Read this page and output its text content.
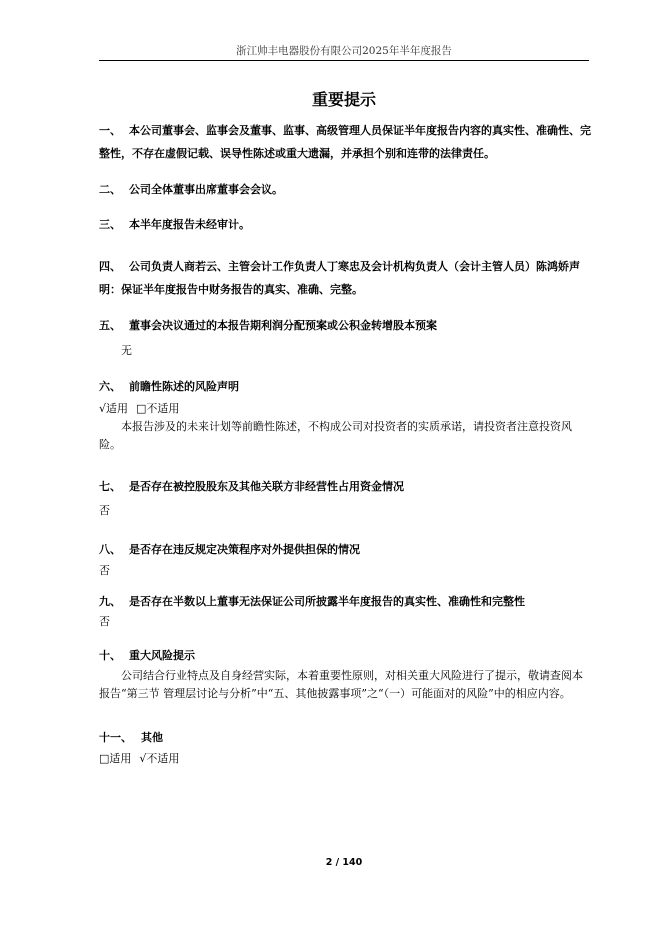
浙江帅丰电器股份有限公司2025年半年度报告
重要提示
一、 本公司董事会、监事会及董事、监事、高级管理人员保证半年度报告内容的真实性、准确性、完整性，不存在虚假记载、误导性陈述或重大遗漏，并承担个别和连带的法律责任。
二、 公司全体董事出席董事会会议。
三、 本半年度报告未经审计。
四、 公司负责人商若云、主管会计工作负责人丁寒忠及会计机构负责人（会计主管人员）陈鸿娇声明：保证半年度报告中财务报告的真实、准确、完整。
五、 董事会决议通过的本报告期利润分配预案或公积金转增股本预案
无
六、 前瞻性陈述的风险声明
√适用 □不适用
本报告涉及的未来计划等前瞻性陈述，不构成公司对投资者的实质承诺，请投资者注意投资风险。
七、 是否存在被控股股东及其他关联方非经营性占用资金情况
否
八、 是否存在违反规定决策程序对外提供担保的情况
否
九、 是否存在半数以上董事无法保证公司所披露半年度报告的真实性、准确性和完整性
否
十、 重大风险提示
公司结合行业特点及自身经营实际，本着重要性原则，对相关重大风险进行了提示，敬请查阅本报告“第三节 管理层讨论与分析”中“五、其他披露事项”之“（一）可能面对的风险”中的相应内容。
十一、 其他
□适用 √不适用
2 / 140
